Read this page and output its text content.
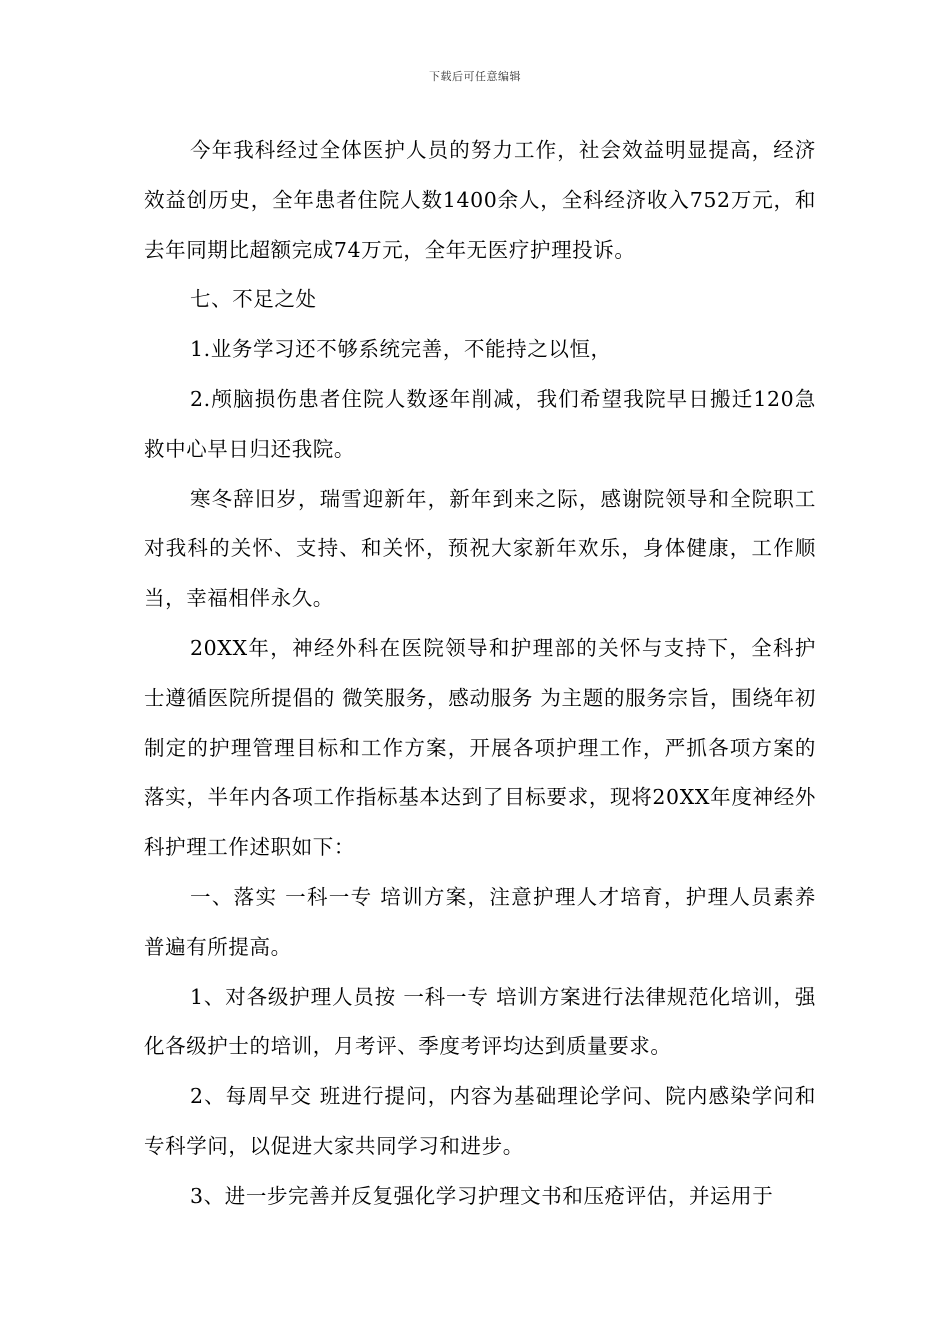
下载后可任意编辑

今年我科经过全体医护人员的努力工作，社会效益明显提高，经济效益创历史，全年患者住院人数1400余人，全科经济收入752万元，和去年同期比超额完成74万元，全年无医疗护理投诉。

七、不足之处

1.业务学习还不够系统完善，不能持之以恒，

2.颅脑损伤患者住院人数逐年削减，我们希望我院早日搬迁120急救中心早日归还我院。

寒冬辞旧岁，瑞雪迎新年，新年到来之际，感谢院领导和全院职工对我科的关怀、支持、和关怀，预祝大家新年欢乐，身体健康，工作顺当，幸福相伴永久。

20XX年，神经外科在医院领导和护理部的关怀与支持下，全科护士遵循医院所提倡的 微笑服务，感动服务 为主题的服务宗旨，围绕年初制定的护理管理目标和工作方案，开展各项护理工作，严抓各项方案的落实，半年内各项工作指标基本达到了目标要求，现将20XX年度神经外科护理工作述职如下：

一、落实 一科一专 培训方案，注意护理人才培育，护理人员素养普遍有所提高。

1、对各级护理人员按 一科一专 培训方案进行法律规范化培训，强化各级护士的培训，月考评、季度考评均达到质量要求。

2、每周早交 班进行提问，内容为基础理论学问、院内感染学问和专科学问，以促进大家共同学习和进步。

3、进一步完善并反复强化学习护理文书和压疮评估，并运用于
